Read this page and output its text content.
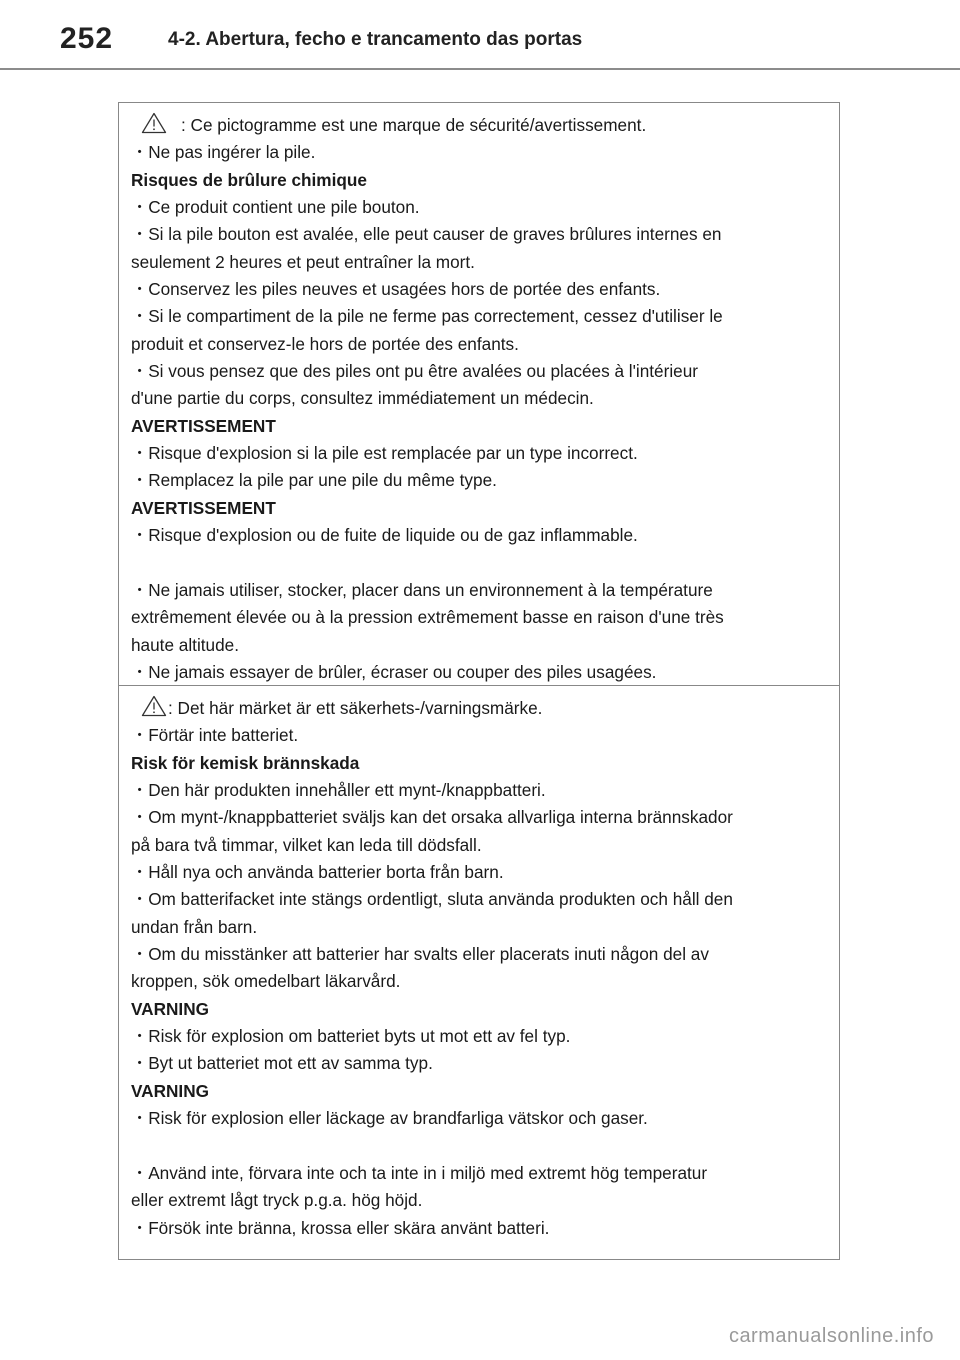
252	4-2. Abertura, fecho e trancamento das portas
: Ce pictogramme est une marque de sécurité/avertissement.
・Ne pas ingérer la pile.
Risques de brûlure chimique
・Ce produit contient une pile bouton.
・Si la pile bouton est avalée, elle peut causer de graves brûlures internes en
seulement 2 heures et peut entraîner la mort.
・Conservez les piles neuves et usagées hors de portée des enfants.
・Si le compartiment de la pile ne ferme pas correctement, cessez d'utiliser le
produit et conservez-le hors de portée des enfants.
・Si vous pensez que des piles ont pu être avalées ou placées à l'intérieur
d'une partie du corps, consultez immédiatement un médecin.
AVERTISSEMENT
・Risque d'explosion si la pile est remplacée par un type incorrect.
・Remplacez la pile par une pile du même type.
AVERTISSEMENT
・Risque d'explosion ou de fuite de liquide ou de gaz inflammable.
・Ne jamais utiliser, stocker, placer dans un environnement à la température
extrêmement élevée ou à la pression extrêmement basse en raison d'une très
haute altitude.
・Ne jamais essayer de brûler, écraser ou couper des piles usagées.
: Det här märket är ett säkerhets-/varningsmärke.
・Förtär inte batteriet.
Risk för kemisk brännskada
・Den här produkten innehåller ett mynt-/knappbatteri.
・Om mynt-/knappbatteriet sväljs kan det orsaka allvarliga interna brännskador
på bara två timmar, vilket kan leda till dödsfall.
・Håll nya och använda batterier borta från barn.
・Om batterifacket inte stängs ordentligt, sluta använda produkten och håll den
undan från barn.
・Om du misstänker att batterier har svalts eller placerats inuti någon del av
kroppen, sök omedelbart läkarvård.
VARNING
・Risk för explosion om batteriet byts ut mot ett av fel typ.
・Byt ut batteriet mot ett av samma typ.
VARNING
・Risk för explosion eller läckage av brandfarliga vätskor och gaser.
・Använd inte, förvara inte och ta inte in i miljö med extremt hög temperatur
eller extremt lågt tryck p.g.a. hög höjd.
・Försök inte bränna, krossa eller skära använt batteri.
carmanualsonline.info
